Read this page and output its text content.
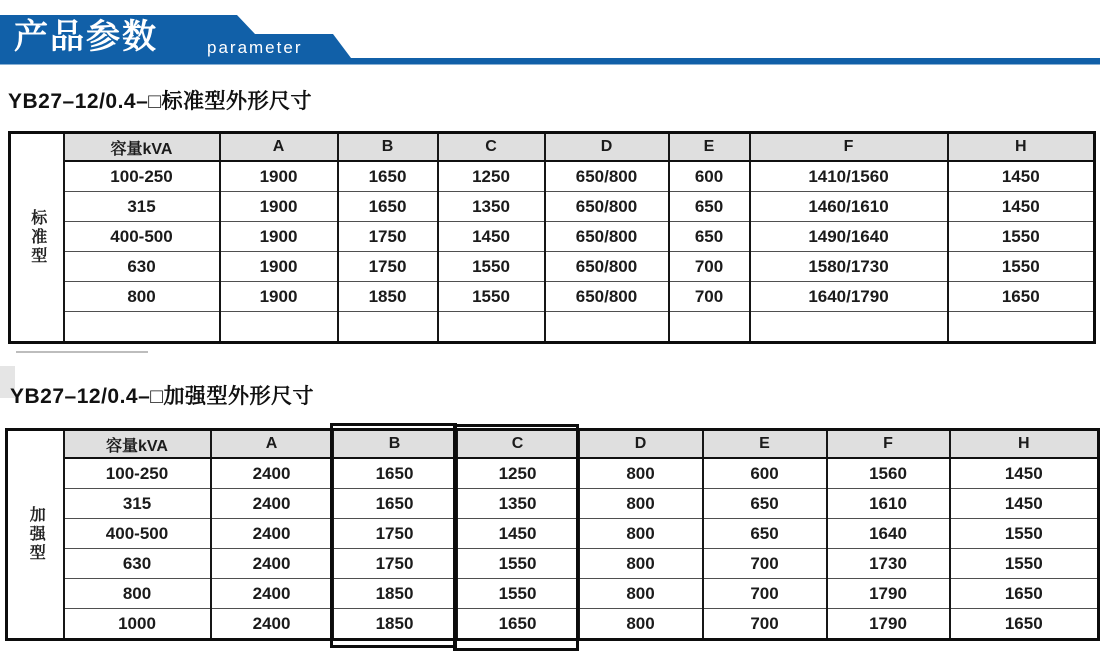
产品参数	parameter
YB27–12/0.4–□标准型外形尺寸
标准型	容量kVA	A	B	C	D	E	F	H
	100-250	1900	1650	1250	650/800	600	1410/1560	1450
	315	1900	1650	1350	650/800	650	1460/1610	1450
	400-500	1900	1750	1450	650/800	650	1490/1640	1550
	630	1900	1750	1550	650/800	700	1580/1730	1550
	800	1900	1850	1550	650/800	700	1640/1790	1650

YB27–12/0.4–□加强型外形尺寸
加强型	容量kVA	A	B	C	D	E	F	H
	100-250	2400	1650	1250	800	600	1560	1450
	315	2400	1650	1350	800	650	1610	1450
	400-500	2400	1750	1450	800	650	1640	1550
	630	2400	1750	1550	800	700	1730	1550
	800	2400	1850	1550	800	700	1790	1650
	1000	2400	1850	1650	800	700	1790	1650
